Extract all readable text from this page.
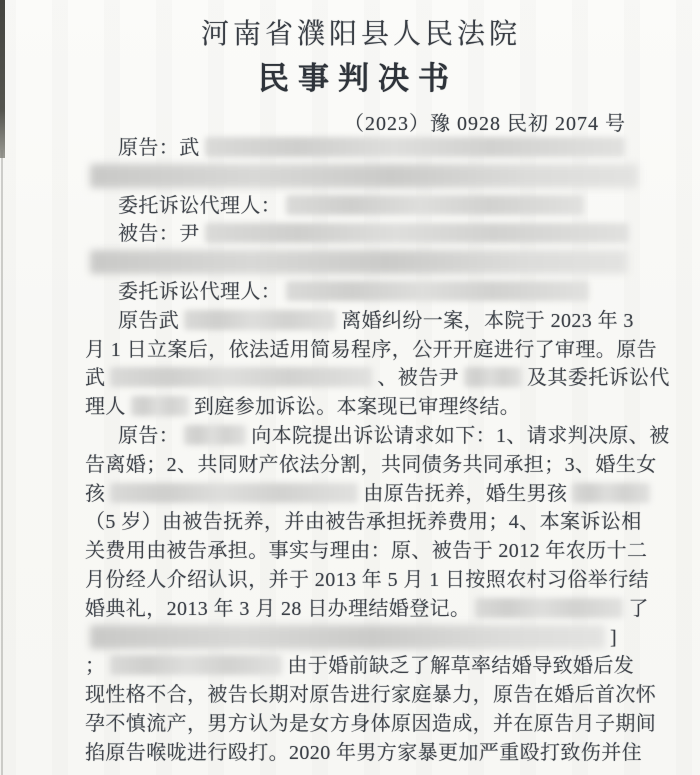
河南省濮阳县人民法院
民事判决书
（2023）豫 0928 民初 2074 号
原告：武
委托诉讼代理人：
被告：尹
委托诉讼代理人：
原告武	离婚纠纷一案，本院于 2023 年 3
月 1 日立案后，依法适用简易程序，公开开庭进行了审理。原告
武	、被告尹	及其委托诉讼代
理人	到庭参加诉讼。本案现已审理终结。
原告：	向本院提出诉讼请求如下：1、请求判决原、被
告离婚；2、共同财产依法分割，共同债务共同承担；3、婚生女
孩	由原告抚养，婚生男孩
（5 岁）由被告抚养，并由被告承担抚养费用；4、本案诉讼相
关费用由被告承担。事实与理由：原、被告于 2012 年农历十二
月份经人介绍认识，并于 2013 年 5 月 1 日按照农村习俗举行结
婚典礼，2013 年 3 月 28 日办理结婚登记。	了
]
；	由于婚前缺乏了解草率结婚导致婚后发
现性格不合，被告长期对原告进行家庭暴力，原告在婚后首次怀
孕不慎流产，男方认为是女方身体原因造成，并在原告月子期间
掐原告喉咙进行殴打。2020 年男方家暴更加严重殴打致伤并住
